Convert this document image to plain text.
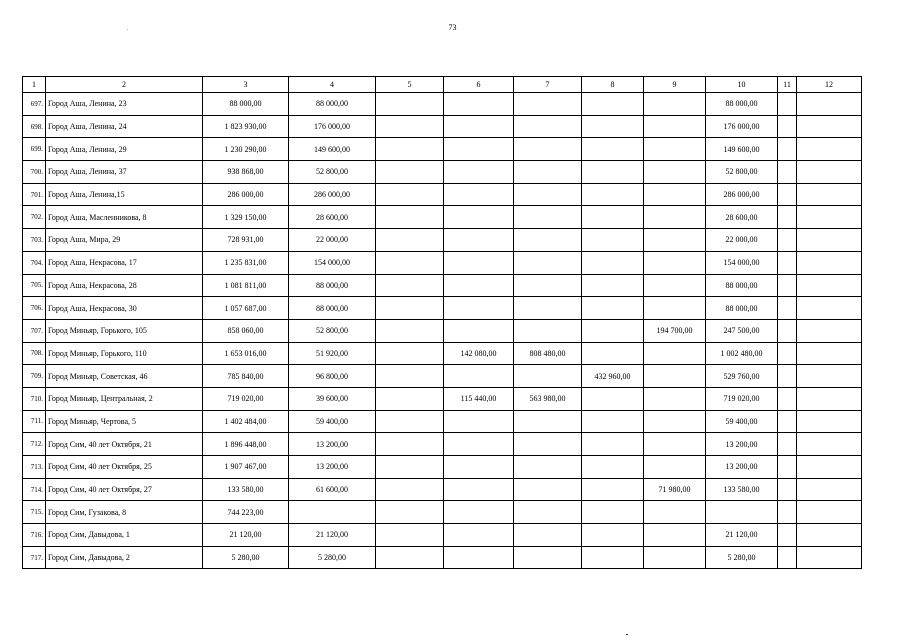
73
1	2	3	4	5	6	7	8	9	10	11	12
697.	Город Аша, Ленина, 23	88 000,00	88 000,00						88 000,00		
698.	Город Аша, Ленина, 24	1 823 930,00	176 000,00						176 000,00		
699.	Город Аша, Ленина, 29	1 230 290,00	149 600,00						149 600,00		
700.	Город Аша, Ленина, 37	938 868,00	52 800,00						52 800,00		
701.	Город Аша, Ленина,15	286 000,00	286 000,00						286 000,00		
702.	Город Аша, Масленникова, 8	1 329 150,00	28 600,00						28 600,00		
703.	Город Аша, Мира, 29	728 931,00	22 000,00						22 000,00		
704.	Город Аша, Некрасова, 17	1 235 831,00	154 000,00						154 000,00		
705.	Город Аша, Некрасова, 28	1 081 811,00	88 000,00						88 000,00		
706.	Город Аша, Некрасова, 30	1 057 687,00	88 000,00						88 000,00		
707.	Город Миньяр, Горького, 105	858 060,00	52 800,00					194 700,00	247 500,00		
708.	Город Миньяр, Горького, 110	1 653 016,00	51 920,00		142 080,00	808 480,00			1 002 480,00		
709.	Город Миньяр, Советская, 46	785 840,00	96 800,00				432 960,00		529 760,00		
710.	Город Миньяр, Центральная, 2	719 020,00	39 600,00		115 440,00	563 980,00			719 020,00		
711.	Город Миньяр, Чертова, 5	1 402 484,00	59 400,00						59 400,00		
712.	Город Сим, 40 лет Октября, 21	1 896 448,00	13 200,00						13 200,00		
713.	Город Сим, 40 лет Октября, 25	1 907 467,00	13 200,00						13 200,00		
714.	Город Сим, 40 лет Октября, 27	133 580,00	61 600,00					71 980,00	133 580,00		
715.	Город Сим, Гузакова, 8	744 223,00									
716.	Город Сим, Давыдова, 1	21 120,00	21 120,00						21 120,00		
717.	Город Сим, Давыдова, 2	5 280,00	5 280,00						5 280,00		
